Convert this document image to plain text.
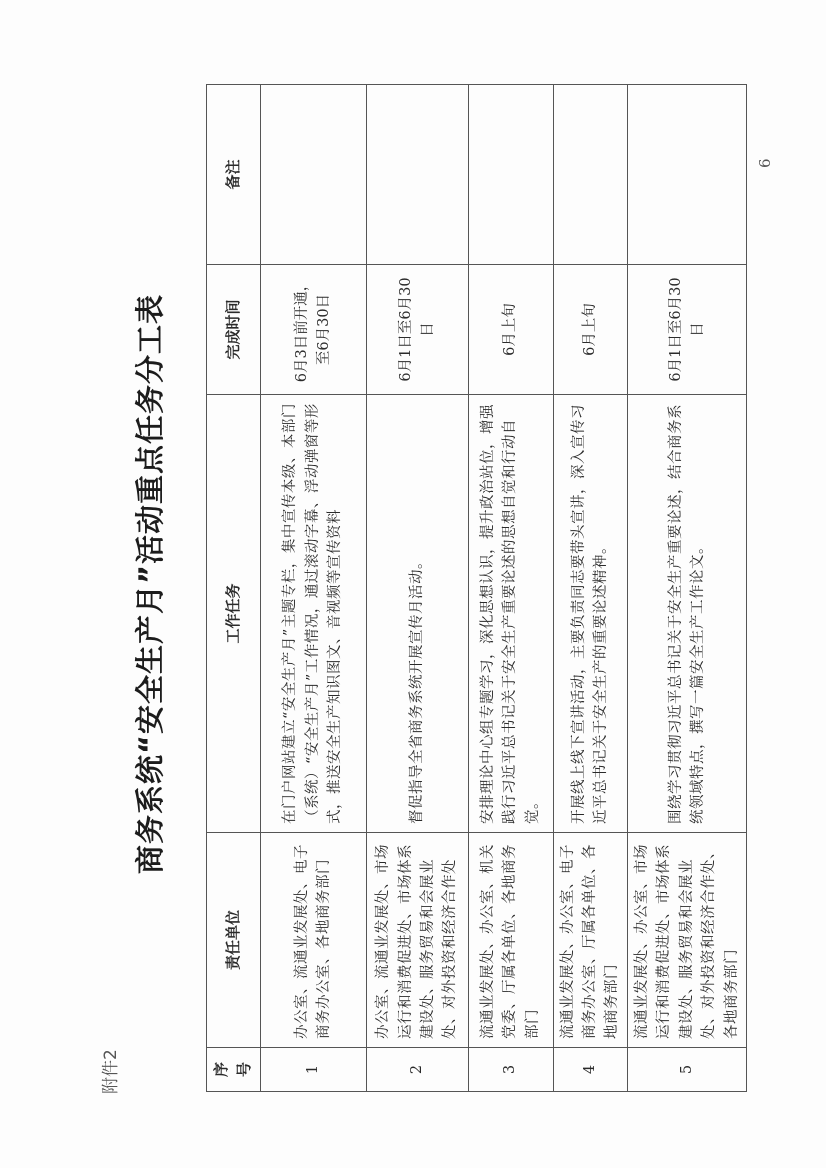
附件2
商务系统“安全生产月”活动重点任务分工表
序号	责任单位	工作任务	完成时间	备注
1	办公室、流通业发展处、电子商务办公室、各地商务部门	在门户网站建立“安全生产月”主题专栏，集中宣传本级、本部门（系统）“安全生产月”工作情况，通过滚动字幕、浮动弹窗等形式，推送安全生产知识图文、音视频等宣传资料	6月3日前开通，至6月30日	
2	办公室、流通业发展处、市场运行和消费促进处、市场体系建设处、服务贸易和会展业处、对外投资和经济合作处	督促指导全省商务系统开展宣传月活动。	6月1日至6月30日	
3	流通业发展处、办公室、机关党委、厅属各单位、各地商务部门	安排理论中心组专题学习，深化思想认识，提升政治站位，增强践行习近平总书记关于安全生产重要论述的思想自觉和行动自觉。	6月上旬	
4	流通业发展处、办公室、电子商务办公室、厅属各单位、各地商务部门	开展线上线下宣讲活动，主要负责同志要带头宣讲，深入宣传习近平总书记关于安全生产的重要论述精神。	6月上旬	
5	流通业发展处、办公室、市场运行和消费促进处、市场体系建设处、服务贸易和会展业处、对外投资和经济合作处、各地商务部门	围绕学习贯彻习近平总书记关于安全生产重要论述，结合商务系统领域特点，撰写一篇安全生产工作论文。	6月1日至6月30日	
6
